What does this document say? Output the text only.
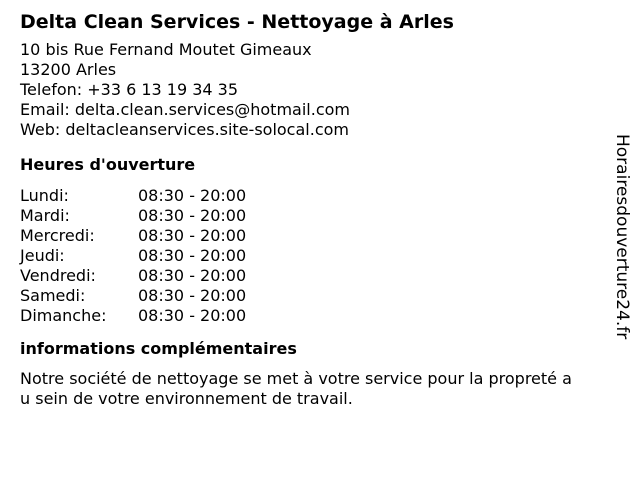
Delta Clean Services - Nettoyage à Arles
10 bis Rue Fernand Moutet Gimeaux
13200 Arles
Telefon: +33 6 13 19 34 35
Email: delta.clean.services@hotmail.com
Web: deltacleanservices.site-solocal.com
Heures d'ouverture
Lundi:	08:30 - 20:00
Mardi:	08:30 - 20:00
Mercredi:	08:30 - 20:00
Jeudi:	08:30 - 20:00
Vendredi:	08:30 - 20:00
Samedi:	08:30 - 20:00
Dimanche:	08:30 - 20:00
informations complémentaires
Notre société de nettoyage se met à votre service pour la propreté a
u sein de votre environnement de travail.
Horairesdouverture24.fr
